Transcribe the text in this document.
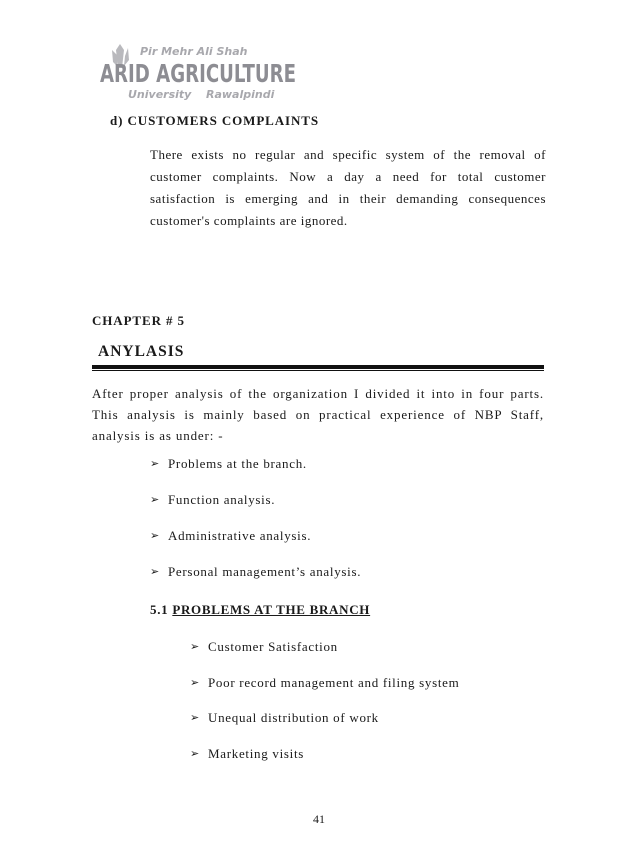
Pir Mehr Ali Shah
ARID AGRICULTURE
University Rawalpindi
d) CUSTOMERS COMPLAINTS
There exists no regular and specific system of the removal of customer complaints. Now a day a need for total customer satisfaction is emerging and in their demanding consequences customer's complaints are ignored.
CHAPTER # 5
ANYLASIS
After proper analysis of the organization I divided it into in four parts. This analysis is mainly based on practical experience of NBP Staff, analysis is as under: -
➢ Problems at the branch.
➢ Function analysis.
➢ Administrative analysis.
➢ Personal management’s analysis.
5.1 PROBLEMS AT THE BRANCH
➢ Customer Satisfaction
➢ Poor record management and filing system
➢ Unequal distribution of work
➢ Marketing visits
41
